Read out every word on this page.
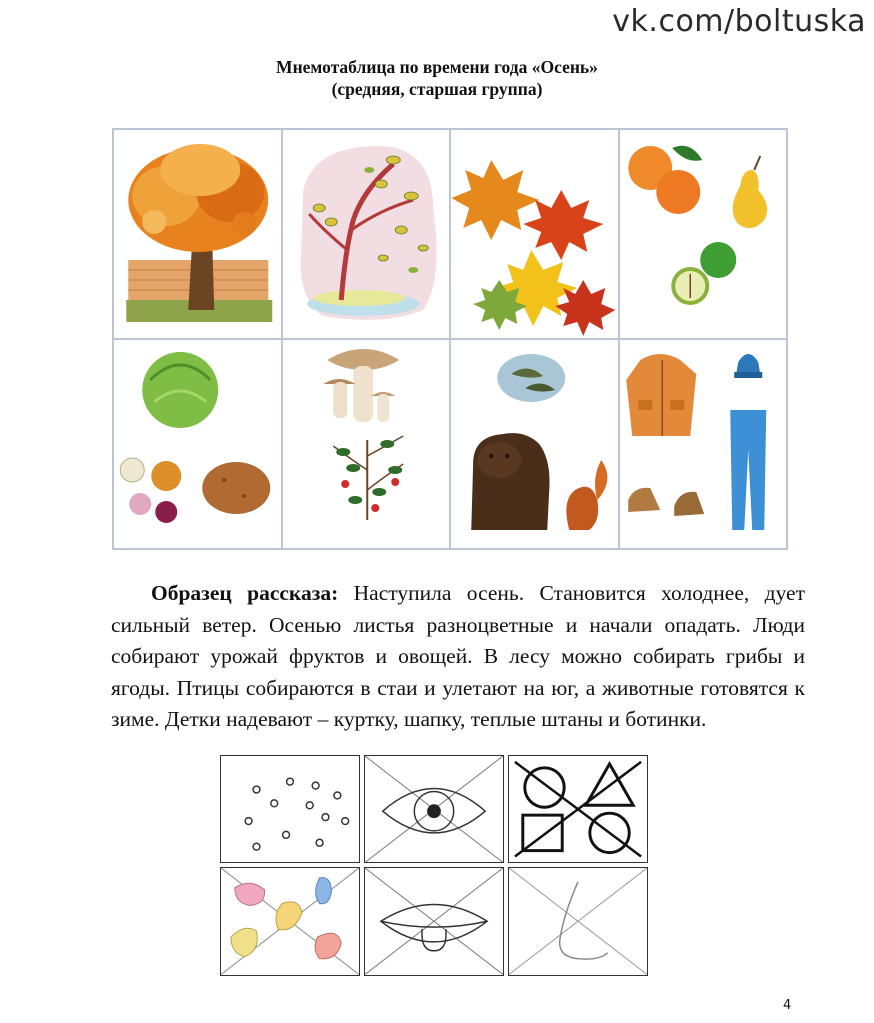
vk.com/boltuska
Мнемотаблица по времени года «Осень»
(средняя, старшая группа)

Образец рассказа: Наступила осень. Становится холоднее, дует сильный ветер. Осенью листья разноцветные и начали опадать. Люди собирают урожай фруктов и овощей. В лесу можно собирать грибы и ягоды. Птицы собираются в стаи и улетают на юг, а животные готовятся к зиме. Детки надевают – куртку, шапку, теплые штаны и ботинки.

4
